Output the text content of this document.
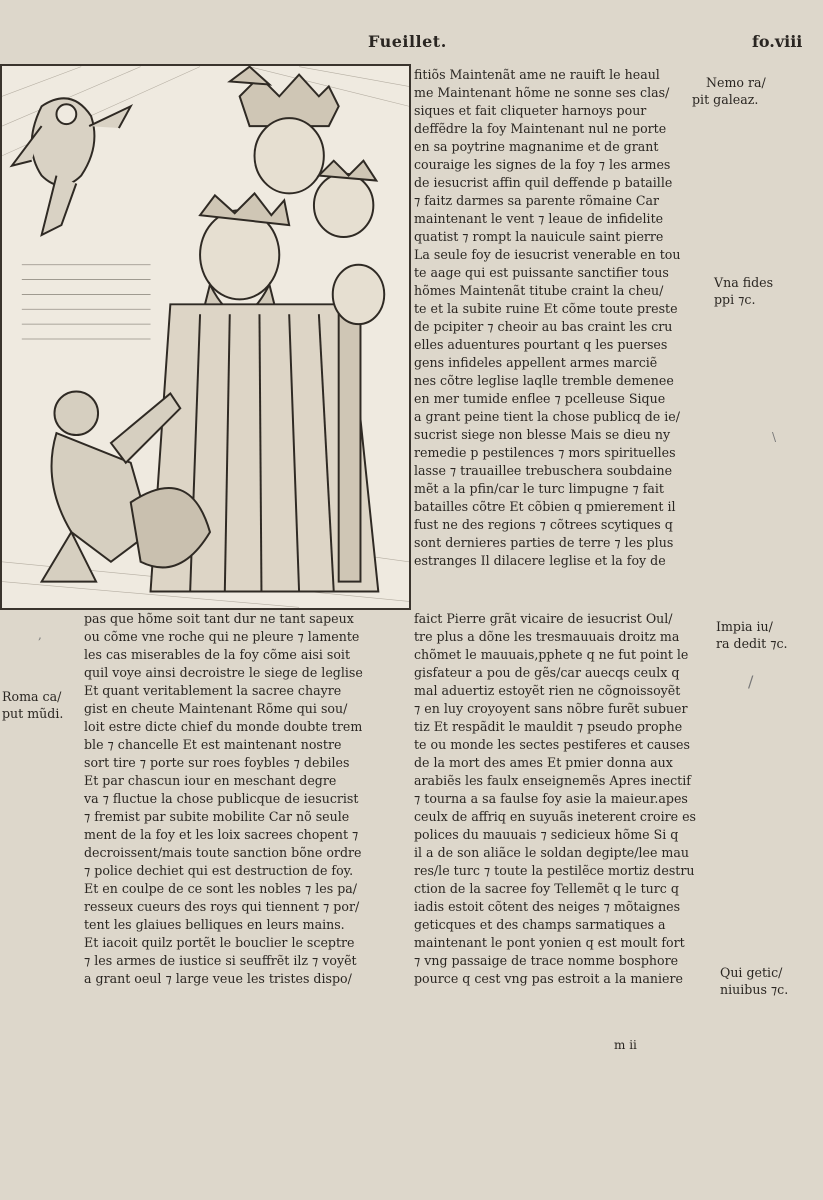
Fueillet.	fo.viii
fitiõs Maintenãt ame ne rauift le heaul
me Maintenant hõme ne sonne ses clas/
siques et fait cliqueter harnoys pour
deffẽdre la foy Maintenant nul ne porte
en sa poytrine magnanime et de grant
couraige les signes de la foy ⁊ les armes
de iesucrist affin quil deffende p bataille
⁊ faitz darmes sa parente rõmaine Car
maintenant le vent ⁊ leaue de infidelite
quatist ⁊ rompt la nauicule saint pierre
La seule foy de iesucrist venerable en tou
te aage qui est puissante sanctifier tous
hõmes Maintenãt titube craint la cheu/
te et la subite ruine Et cõme toute preste
de pcipiter ⁊ cheoir au bas craint les cru
elles aduentures pourtant q les puerses
gens infideles appellent armes marciẽ
nes cõtre leglise laqlle tremble demenee
en mer tumide enflee ⁊ pcelleuse Sique
a grant peine tient la chose publicq de ie/
sucrist siege non blesse Mais se dieu ny
remedie p pestilences ⁊ mors spirituelles
lasse ⁊ trauaillee trebuschera soubdaine
mẽt a la pfin/car le turc limpugne ⁊ fait
batailles cõtre Et cõbien q pmierement il
fust ne des regions ⁊ cõtrees scytiques q
sont dernieres parties de terre ⁊ les plus
estranges Il dilacere leglise et la foy de
pas que hõme soit tant dur ne tant sapeux
ou cõme vne roche qui ne pleure ⁊ lamente
les cas miserables de la foy cõme aisi soit
quil voye ainsi decroistre le siege de leglise
Et quant veritablement la sacree chayre
gist en cheute Maintenant Rõme qui sou/
loit estre dicte chief du monde doubte trem
ble ⁊ chancelle Et est maintenant nostre
sort tire ⁊ porte sur roes foybles ⁊ debiles
Et par chascun iour en meschant degre
va ⁊ fluctue la chose publicque de iesucrist
⁊ fremist par subite mobilite Car nõ seule
ment de la foy et les loix sacrees chopent ⁊
decroissent/mais toute sanction bõne ordre
⁊ police dechiet qui est destruction de foy.
Et en coulpe de ce sont les nobles ⁊ les pa/
resseux cueurs des roys qui tiennent ⁊ por/
tent les glaiues belliques en leurs mains.
Et iacoit quilz portẽt le bouclier le sceptre
⁊ les armes de iustice si seuffrẽt ilz ⁊ voyẽt
a grant oeul ⁊ large veue les tristes dispo/
faict Pierre grãt vicaire de iesucrist Oul/
tre plus a dõne les tresmauuais droitz ma
chõmet le mauuais,pphete q ne fut point le
gisfateur a pou de gẽs/car auecqs ceulx q
mal aduertiz estoyẽt rien ne cõgnoissoyẽt
⁊ en luy croyoyent sans nõbre furẽt subuer
tiz Et respãdit le mauldit ⁊ pseudo prophe
te ou monde les sectes pestiferes et causes
de la mort des ames Et pmier donna aux
arabiẽs les faulx enseignemẽs Apres inectif
⁊ tourna a sa faulse foy asie la maieur.apes
ceulx de affriq en suyuãs ineterent croire es
polices du mauuais ⁊ sedicieux hõme Si q
il a de son aliãce le soldan degipte/lee mau
res/le turc ⁊ toute la pestilẽce mortiz destru
ction de la sacree foy Tellemẽt q le turc q
iadis estoit cõtent des neiges ⁊ mõtaignes
geticques et des champs sarmatiques a
maintenant le pont yonien q est moult fort
⁊ vng passaige de trace nomme bosphore
pource q cest vng pas estroit a la maniere
Nemo ra/
pit galeaz.
Vna fides
ppi ⁊c.
Impia iu/
ra dedit ⁊c.
Roma ca/
put mũdi.
Qui getic/
niuibus ⁊c.
m ii
\
,
/
